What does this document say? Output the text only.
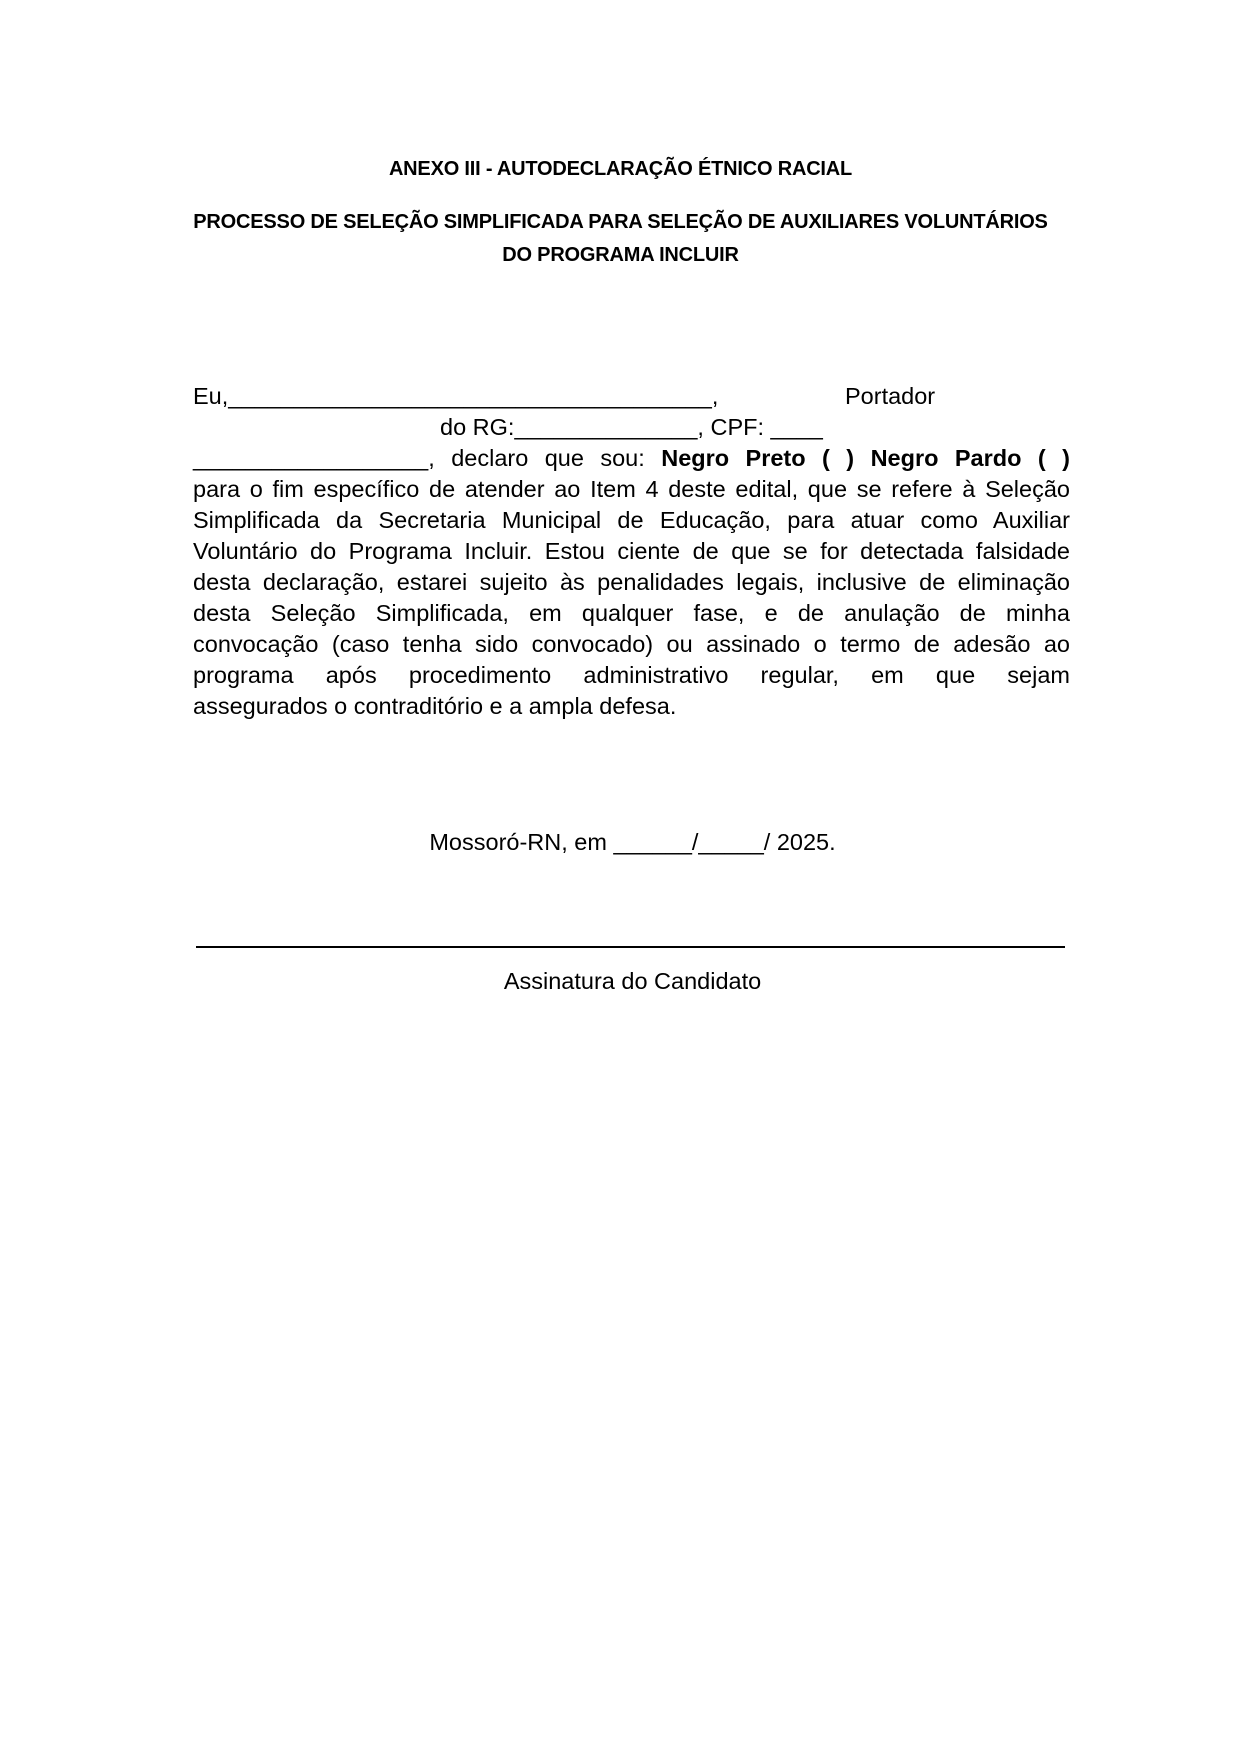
ANEXO III - AUTODECLARAÇÃO ÉTNICO RACIAL
PROCESSO DE SELEÇÃO SIMPLIFICADA PARA SELEÇÃO DE AUXILIARES VOLUNTÁRIOS
DO PROGRAMA INCLUIR
Eu,_____________________________________,	Portador
do RG:______________, CPF: ____
__________________, declaro que sou: Negro Preto ( ) Negro Pardo ( )
para o fim específico de atender ao Item 4 deste edital, que se refere à Seleção
Simplificada da Secretaria Municipal de Educação, para atuar como Auxiliar
Voluntário do Programa Incluir. Estou ciente de que se for detectada falsidade
desta declaração, estarei sujeito às penalidades legais, inclusive de eliminação
desta Seleção Simplificada, em qualquer fase, e de anulação de minha
convocação (caso tenha sido convocado) ou assinado o termo de adesão ao
programa após procedimento administrativo regular, em que sejam
assegurados o contraditório e a ampla defesa.
Mossoró-RN, em ______/_____/ 2025.
Assinatura do Candidato
